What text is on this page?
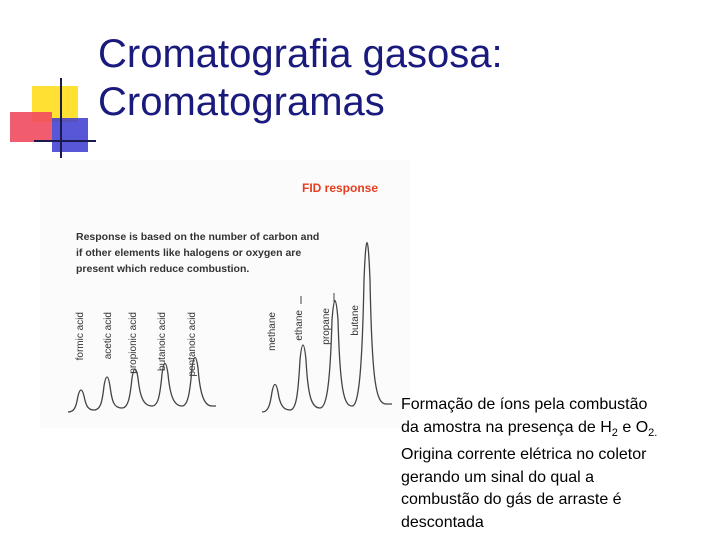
Cromatografia gasosa:
Cromatogramas
FID response
Response is based on the number of carbon and
if other elements like halogens or oxygen are
present which reduce combustion.
formic acid acetic acid propionic acid butanoic acid pentanoic acid	methane ethane propane butane
Formação de íons pela combustão
da amostra na presença de $H_2$ e $O_{2.}$
Origina corrente elétrica no coletor
gerando um sinal do qual a
combustão do gás de arraste é
descontada
